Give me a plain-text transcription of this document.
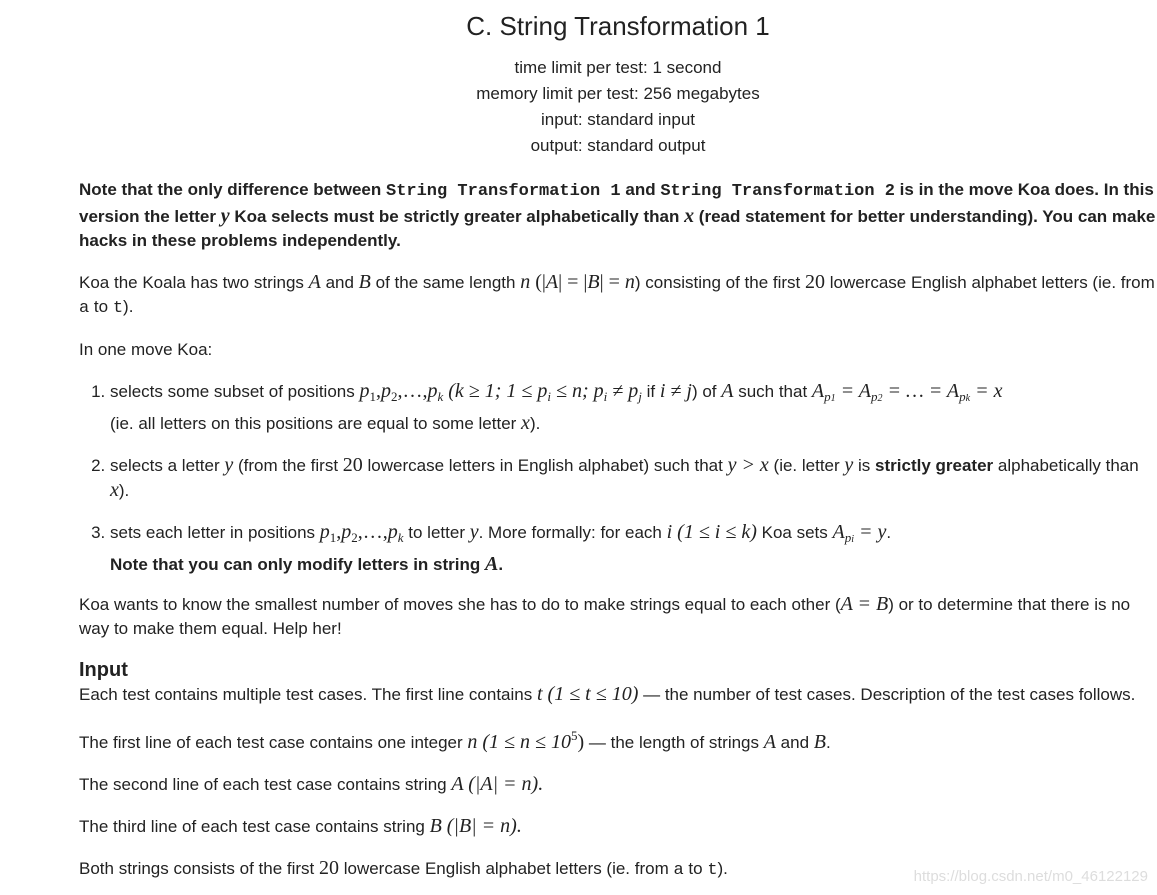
C. String Transformation 1
time limit per test: 1 second
memory limit per test: 256 megabytes
input: standard input
output: standard output

Note that the only difference between String Transformation 1 and String Transformation 2 is in the move Koa does. In this version the letter y Koa selects must be strictly greater alphabetically than x (read statement for better understanding). You can make hacks in these problems independently.

Koa the Koala has two strings A and B of the same length n (|A| = |B| = n) consisting of the first 20 lowercase English alphabet letters (ie. from a to t).

In one move Koa:

1. selects some subset of positions $p_1,p_2,\dots,p_k$ (k ≥ 1; $1 \le p_i \le n$; $p_i \ne p_j$ if i ≠ j) of A such that $A_{p1} = A_{p2}$ = … = $A_{pk} = x$
(ie. all letters on this positions are equal to some letter x).
2. selects a letter y (from the first 20 lowercase letters in English alphabet) such that y > x (ie. letter y is strictly greater alphabetically than x).
3. sets each letter in positions $p_1,p_2,\dots,p_k$ to letter y. More formally: for each i (1 ≤ i ≤ k) Koa sets $A_{pi} = y$.
Note that you can only modify letters in string A.

Koa wants to know the smallest number of moves she has to do to make strings equal to each other (A = B) or to determine that there is no way to make them equal. Help her!

Input

Each test contains multiple test cases. The first line contains t (1 ≤ t ≤ 10) — the number of test cases. Description of the test cases follows.

The first line of each test case contains one integer n $(1 \le n \le 10^5)$ — the length of strings A and B.

The second line of each test case contains string A (|A| = n).

The third line of each test case contains string B (|B| = n).

Both strings consists of the first 20 lowercase English alphabet letters (ie. from a to t).	https://blog.csdn.net/m0_46122129
